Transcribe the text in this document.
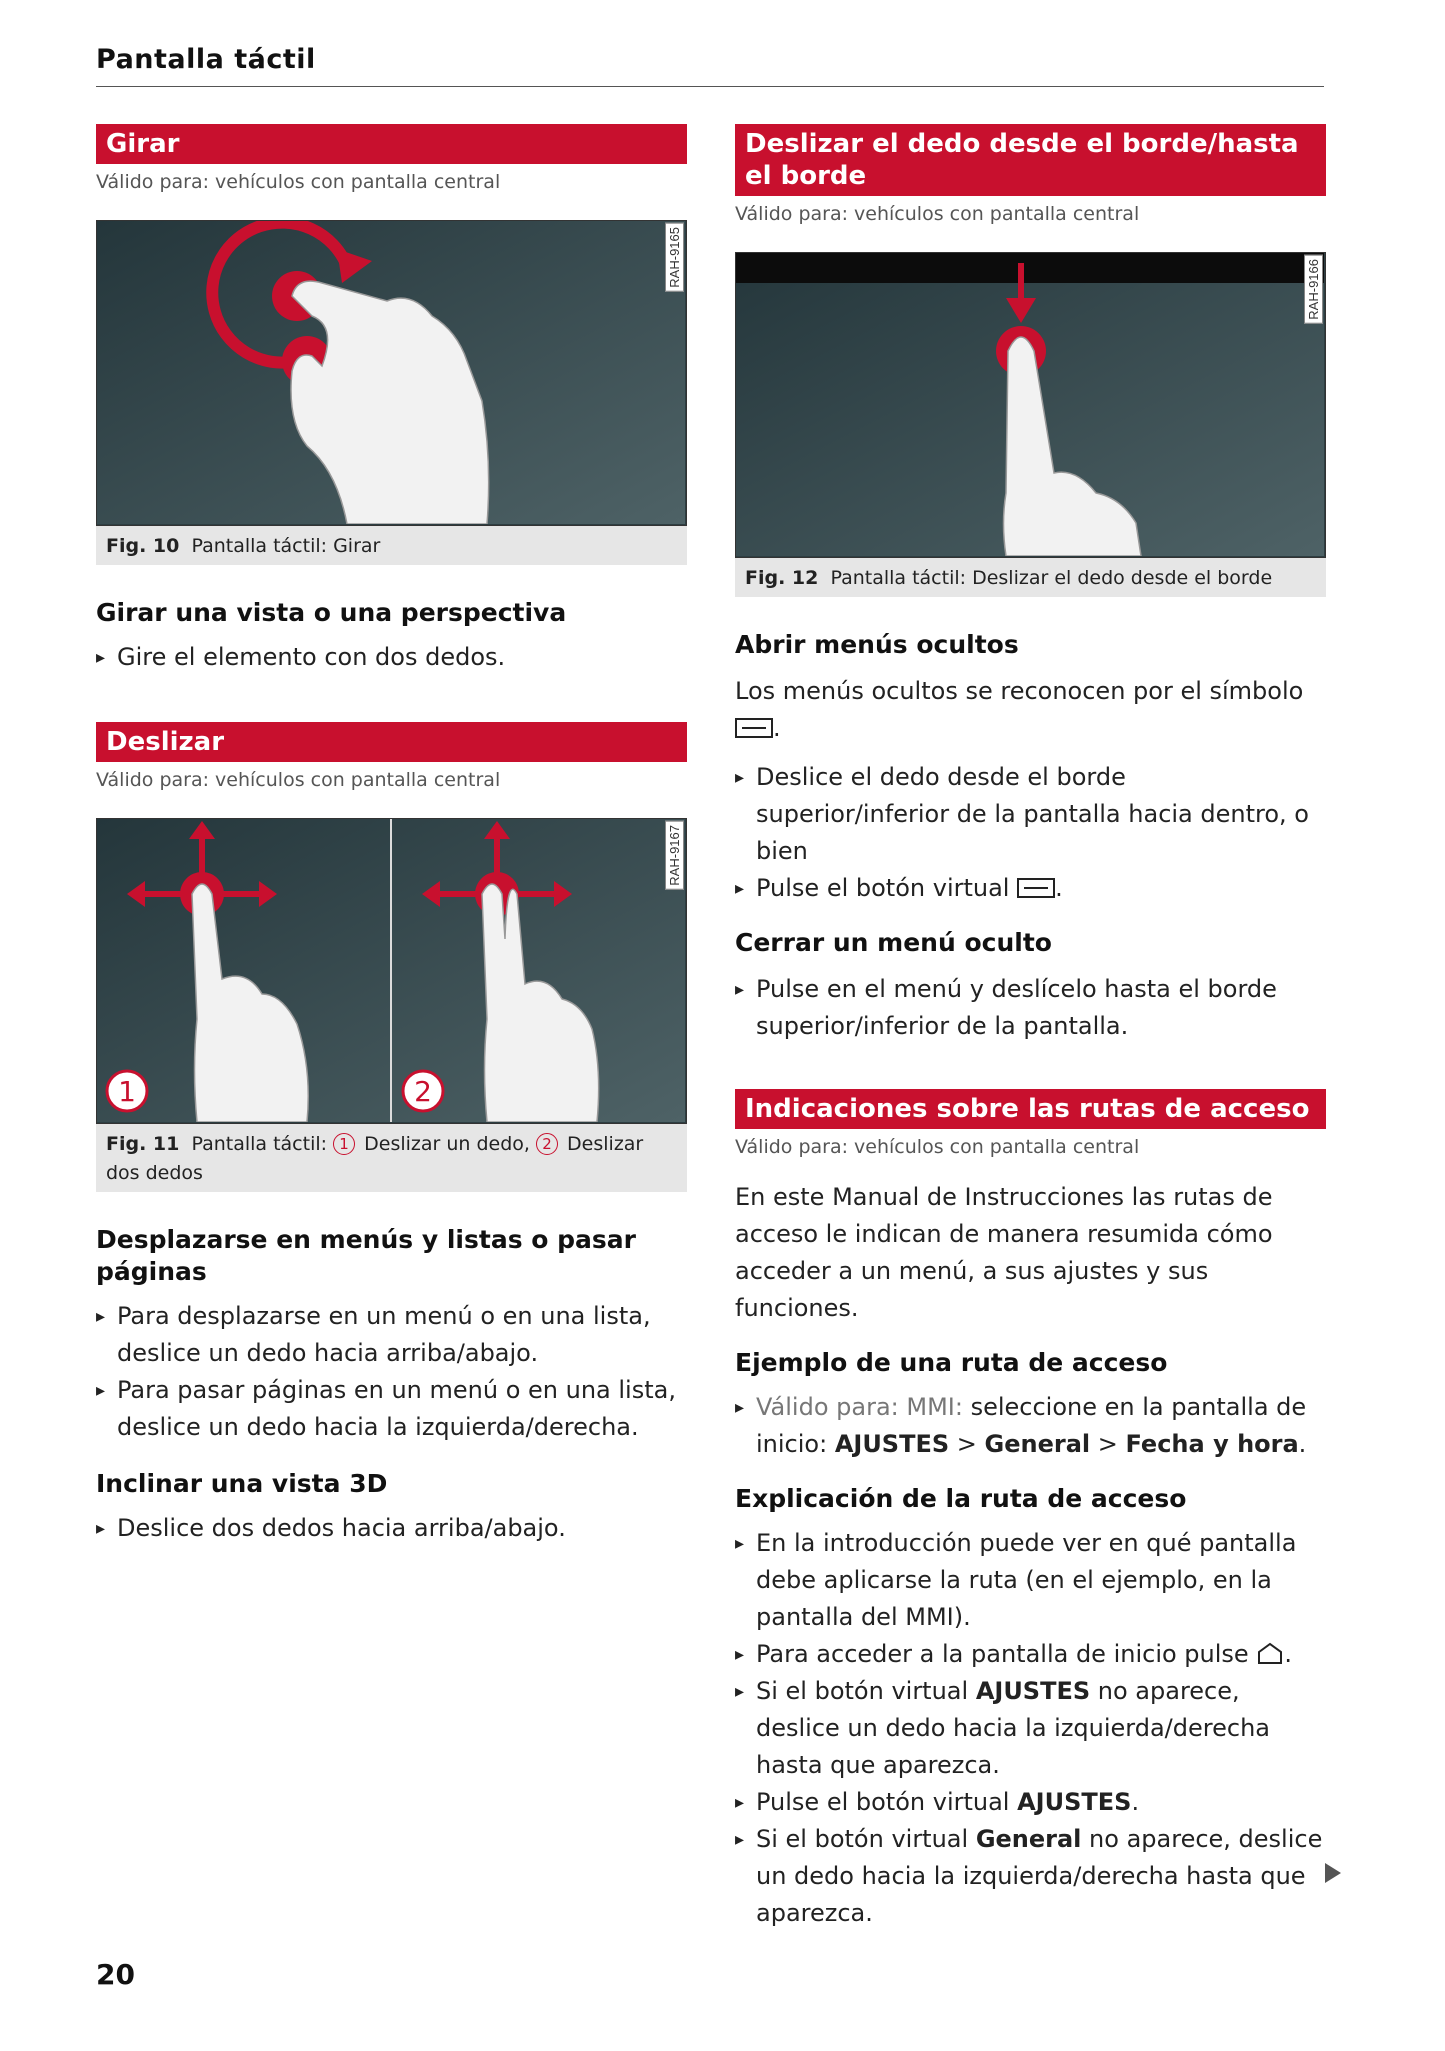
Pantalla táctil
Girar

Válido para: vehículos con pantalla central

RAH-9165
Fig. 10 Pantalla táctil: Girar
Girar una vista o una perspectiva
▸ Gire el elemento con dos dedos.
Deslizar

Válido para: vehículos con pantalla central

1	2
RAH-9167
Fig. 11 Pantalla táctil: 1 Deslizar un dedo, 2 Deslizar dos dedos
Desplazarse en menús y listas o pasar páginas
▸ Para desplazarse en un menú o en una lista, deslice un dedo hacia arriba/abajo.
▸ Para pasar páginas en un menú o en una lista, deslice un dedo hacia la izquierda/derecha.
Inclinar una vista 3D
▸ Deslice dos dedos hacia arriba/abajo.
Deslizar el dedo desde el borde/hasta el borde

Válido para: vehículos con pantalla central

RAH-9166
Fig. 12 Pantalla táctil: Deslizar el dedo desde el borde
Abrir menús ocultos

Los menús ocultos se reconocen por el símbolo .

▸ Deslice el dedo desde el borde superior/inferior de la pantalla hacia dentro, o bien
▸ Pulse el botón virtual .
Cerrar un menú oculto
▸ Pulse en el menú y deslícelo hasta el borde superior/inferior de la pantalla.
Indicaciones sobre las rutas de acceso

Válido para: vehículos con pantalla central

En este Manual de Instrucciones las rutas de acceso le indican de manera resumida cómo acceder a un menú, a sus ajustes y sus funciones.

Ejemplo de una ruta de acceso
▸ Válido para: MMI: seleccione en la pantalla de inicio: AJUSTES > General > Fecha y hora.
Explicación de la ruta de acceso
▸ En la introducción puede ver en qué pantalla debe aplicarse la ruta (en el ejemplo, en la pantalla del MMI).
▸ Para acceder a la pantalla de inicio pulse .
▸ Si el botón virtual AJUSTES no aparece, deslice un dedo hacia la izquierda/derecha hasta que aparezca.
▸ Pulse el botón virtual AJUSTES.
▸ Si el botón virtual General no aparece, deslice un dedo hacia la izquierda/derecha hasta que aparezca.
20
